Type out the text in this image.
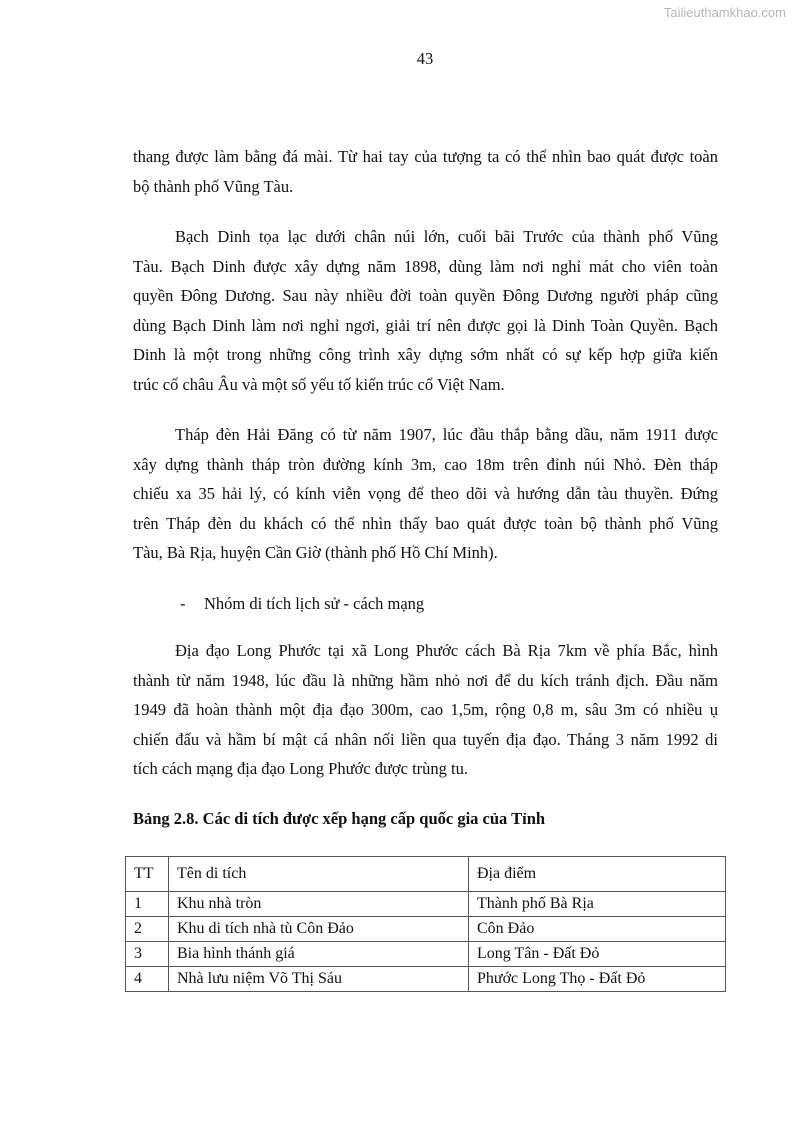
Tailieuthamkhao.com
43
thang được làm bằng đá mài. Từ hai tay của tượng ta có thể nhìn bao quát được toàn
bộ thành phố Vũng Tàu.
Bạch Dinh tọa lạc dưới chân núi lớn, cuối bãi Trước của thành phố Vũng
Tàu. Bạch Dinh được xây dựng năm 1898, dùng làm nơi nghỉ mát cho viên toàn
quyền Đông Dương. Sau này nhiều đời toàn quyền Đông Dương người pháp cũng
dùng Bạch Dinh làm nơi nghỉ ngơi, giải trí nên được gọi là Dinh Toàn Quyền. Bạch
Dinh là một trong những công trình xây dựng sớm nhất có sự kếp hợp giữa kiến
trúc cổ châu Âu và một số yếu tố kiến trúc cổ Việt Nam.
Tháp đèn Hải Đăng có từ năm 1907, lúc đầu thắp bằng dầu, năm 1911 được
xây dựng thành tháp tròn đường kính 3m, cao 18m trên đỉnh núi Nhỏ. Đèn tháp
chiếu xa 35 hải lý, có kính viễn vọng để theo dõi và hướng dẫn tàu thuyền. Đứng
trên Tháp đèn du khách có thể nhìn thấy bao quát được toàn bộ thành phố Vũng
Tàu, Bà Rịa, huyện Cần Giờ (thành phố Hồ Chí Minh).
- Nhóm di tích lịch sử - cách mạng
Địa đạo Long Phước tại xã Long Phước cách Bà Rịa 7km về phía Bắc, hình
thành từ năm 1948, lúc đầu là những hầm nhỏ nơi để du kích tránh địch. Đầu năm
1949 đã hoàn thành một địa đạo 300m, cao 1,5m, rộng 0,8 m, sâu 3m có nhiều ụ
chiến đấu và hầm bí mật cá nhân nối liền qua tuyến địa đạo. Tháng 3 năm 1992 di
tích cách mạng địa đạo Long Phước được trùng tu.
Bảng 2.8. Các di tích được xếp hạng cấp quốc gia của Tỉnh
TT	Tên di tích	Địa điểm
1	Khu nhà tròn	Thành phố Bà Rịa
2	Khu di tích nhà tù Côn Đảo	Côn Đảo
3	Bia hình thánh giá	Long Tân - Đất Đỏ
4	Nhà lưu niệm Võ Thị Sáu	Phước Long Thọ - Đất Đỏ
